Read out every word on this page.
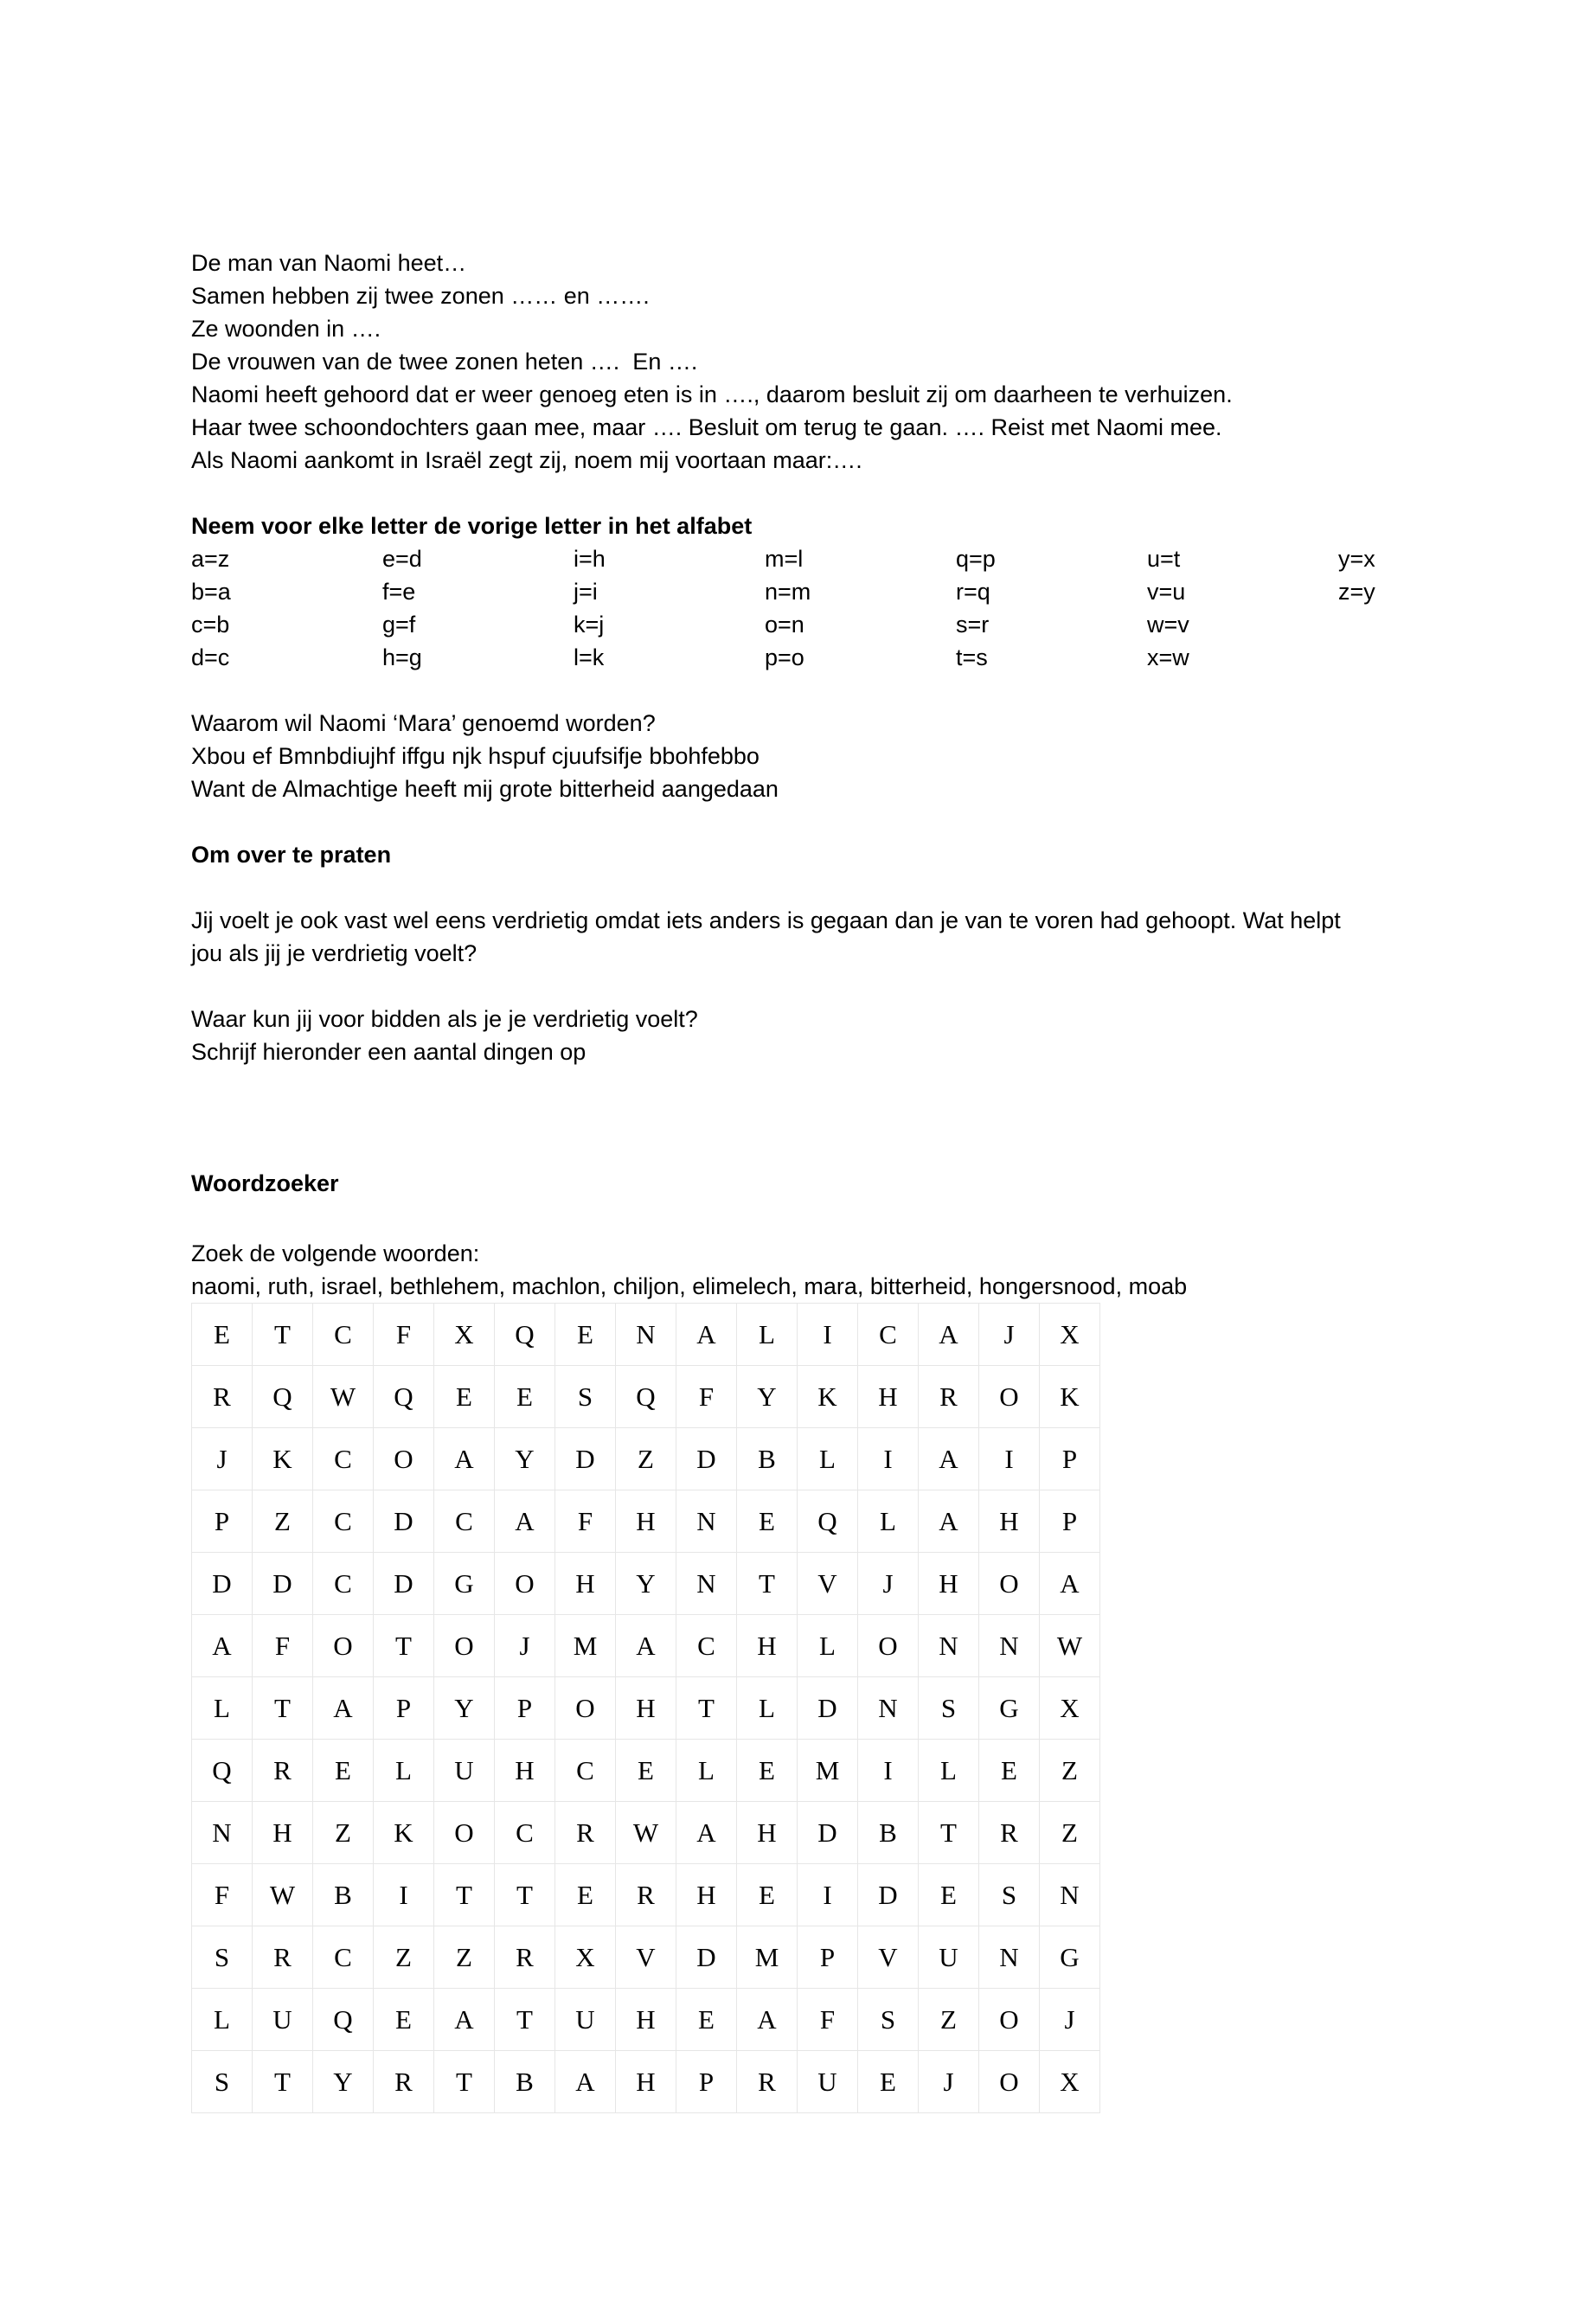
De man van Naomi heet…

Samen hebben zij twee zonen …… en …….

Ze woonden in ….

De vrouwen van de twee zonen heten ….  En ….

Naomi heeft gehoord dat er weer genoeg eten is in …., daarom besluit zij om daarheen te verhuizen.

Haar twee schoondochters gaan mee, maar …. Besluit om terug te gaan. …. Reist met Naomi mee.

Als Naomi aankomt in Israël zegt zij, noem mij voortaan maar:….

Neem voor elke letter de vorige letter in het alfabet

a=z	e=d	i=h	m=l	q=p	u=t	y=x
b=a	f=e	j=i	n=m	r=q	v=u	z=y
c=b	g=f	k=j	o=n	s=r	w=v
d=c	h=g	l=k	p=o	t=s	x=w

Waarom wil Naomi ‘Mara’ genoemd worden?

Xbou ef Bmnbdiujhf iffgu njk hspuf cjuufsifje bbohfebbo

Want de Almachtige heeft mij grote bitterheid aangedaan

Om over te praten

Jij voelt je ook vast wel eens verdrietig omdat iets anders is gegaan dan je van te voren had gehoopt. Wat helpt

jou als jij je verdrietig voelt?

Waar kun jij voor bidden als je je verdrietig voelt?

Schrijf hieronder een aantal dingen op

Woordzoeker

Zoek de volgende woorden:

naomi, ruth, israel, bethlehem, machlon, chiljon, elimelech, mara, bitterheid, hongersnood, moab

E	T	C	F	X	Q	E	N	A	L	I	C	A	J	X
R	Q	W	Q	E	E	S	Q	F	Y	K	H	R	O	K
J	K	C	O	A	Y	D	Z	D	B	L	I	A	I	P
P	Z	C	D	C	A	F	H	N	E	Q	L	A	H	P
D	D	C	D	G	O	H	Y	N	T	V	J	H	O	A
A	F	O	T	O	J	M	A	C	H	L	O	N	N	W
L	T	A	P	Y	P	O	H	T	L	D	N	S	G	X
Q	R	E	L	U	H	C	E	L	E	M	I	L	E	Z
N	H	Z	K	O	C	R	W	A	H	D	B	T	R	Z
F	W	B	I	T	T	E	R	H	E	I	D	E	S	N
S	R	C	Z	Z	R	X	V	D	M	P	V	U	N	G
L	U	Q	E	A	T	U	H	E	A	F	S	Z	O	J
S	T	Y	R	T	B	A	H	P	R	U	E	J	O	X
